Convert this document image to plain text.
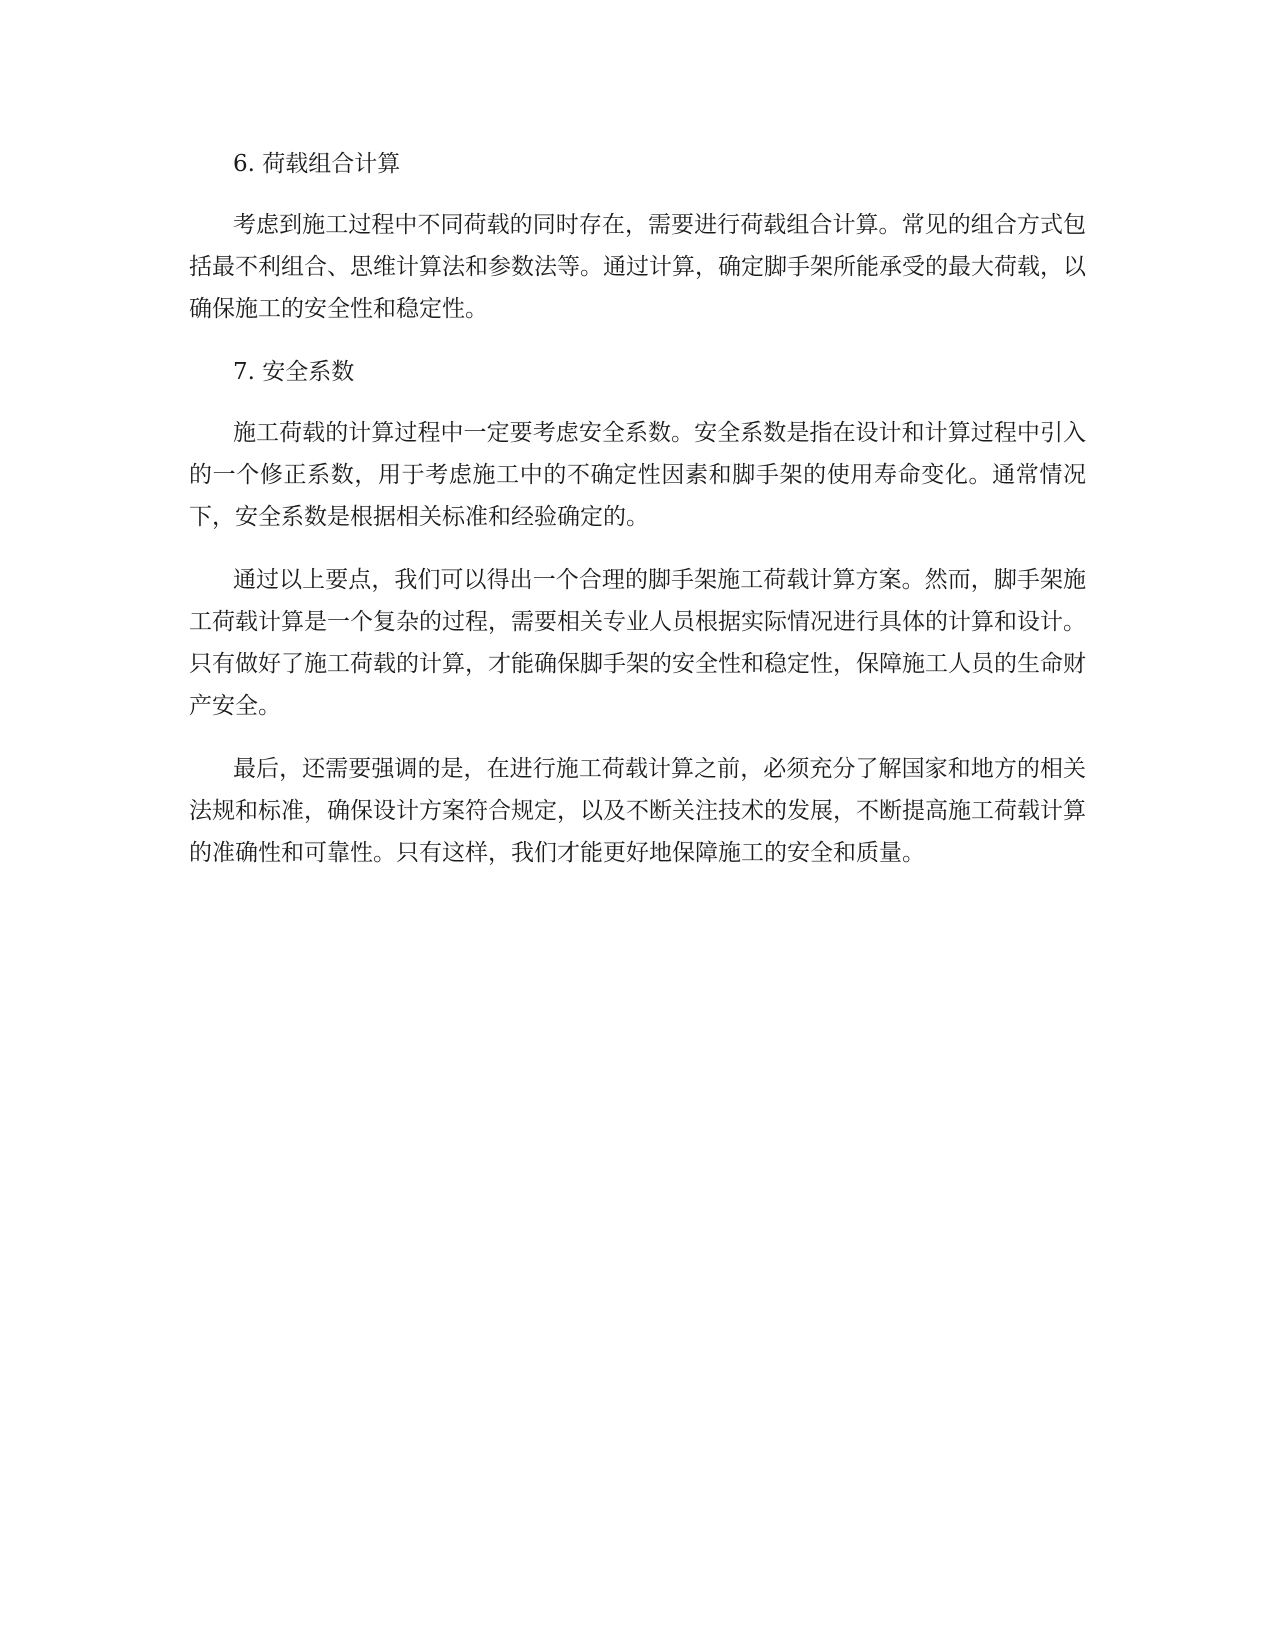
6. 荷载组合计算

考虑到施工过程中不同荷载的同时存在，需要进行荷载组合计算。常见的组合方式包括最不利组合、思维计算法和参数法等。通过计算，确定脚手架所能承受的最大荷载，以确保施工的安全性和稳定性。

7. 安全系数

施工荷载的计算过程中一定要考虑安全系数。安全系数是指在设计和计算过程中引入的一个修正系数，用于考虑施工中的不确定性因素和脚手架的使用寿命变化。通常情况下，安全系数是根据相关标准和经验确定的。

通过以上要点，我们可以得出一个合理的脚手架施工荷载计算方案。然而，脚手架施工荷载计算是一个复杂的过程，需要相关专业人员根据实际情况进行具体的计算和设计。只有做好了施工荷载的计算，才能确保脚手架的安全性和稳定性，保障施工人员的生命财产安全。

最后，还需要强调的是，在进行施工荷载计算之前，必须充分了解国家和地方的相关法规和标准，确保设计方案符合规定，以及不断关注技术的发展，不断提高施工荷载计算的准确性和可靠性。只有这样，我们才能更好地保障施工的安全和质量。
